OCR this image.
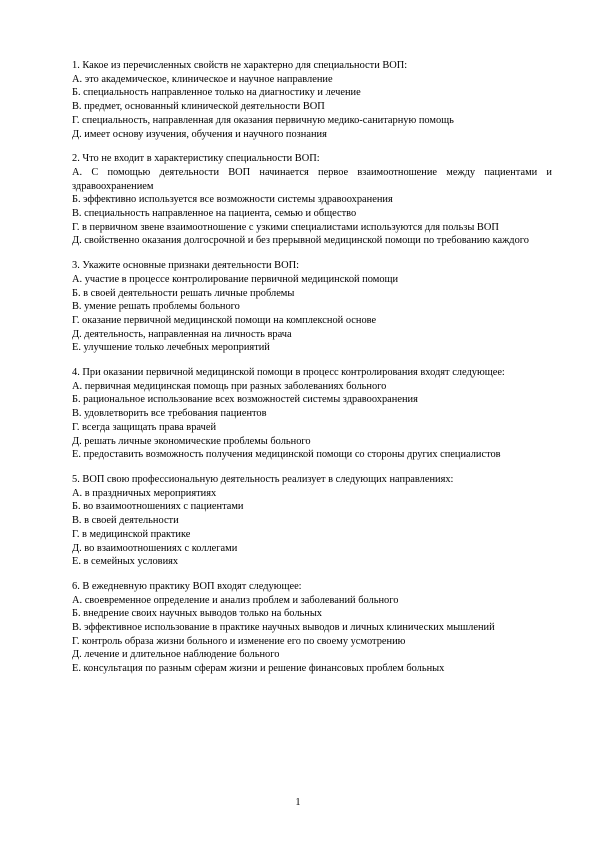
1. Какое из перечисленных свойств не характерно для специальности ВОП:
А. это академическое, клиническое и научное направление
Б. специальность направленное только на диагностику и лечение
В. предмет, основанный клинической деятельности ВОП
Г. специальность, направленная для оказания первичную медико-санитарную помощь
Д. имеет основу изучения, обучения и научного познания
2. Что не входит в характеристику специальности ВОП:
А. С помощью деятельности ВОП начинается первое взаимоотношение между пациентами и здравоохранением
Б. эффективно используется все возможности системы здравоохранения
В. специальность направленное на пациента, семью и общество
Г. в первичном звене взаимоотношение с узкими специалистами используются для пользы ВОП
Д. свойственно оказания долгосрочной и без прерывной медицинской помощи по требованию каждого
3. Укажите основные признаки деятельности ВОП:
А. участие в процессе контролирование первичной медицинской помощи
Б. в своей деятельности решать личные проблемы
В. умение решать проблемы больного
Г. оказание первичной медицинской помощи на комплексной основе
Д. деятельность, направленная на личность врача
Е. улучшение только лечебных мероприятий
4. При оказании первичной медицинской помощи в процесс контролирования входят следующее:
А. первичная медицинская помощь при разных заболеваниях больного
Б. рациональное использование всех возможностей системы здравоохранения
В. удовлетворить все требования пациентов
Г. всегда защищать права врачей
Д. решать личные экономические проблемы больного
Е. предоставить возможность получения медицинской помощи со стороны других специалистов
5. ВОП свою профессиональную деятельность реализует в следующих направлениях:
А. в праздничных мероприятиях
Б. во взаимоотношениях с пациентами
В. в своей деятельности
Г. в медицинской практике
Д. во взаимоотношениях с коллегами
Е. в семейных условиях
6. В ежедневную практику ВОП входят следующее:
А. своевременное определение и анализ проблем и заболеваний больного
Б. внедрение своих научных выводов только на больных
В. эффективное использование в практике научных выводов и личных клинических мышлений
Г. контроль образа жизни больного и изменение его по своему усмотрению
Д. лечение и длительное наблюдение больного
Е. консультация по разным сферам жизни и решение финансовых проблем больных
1
